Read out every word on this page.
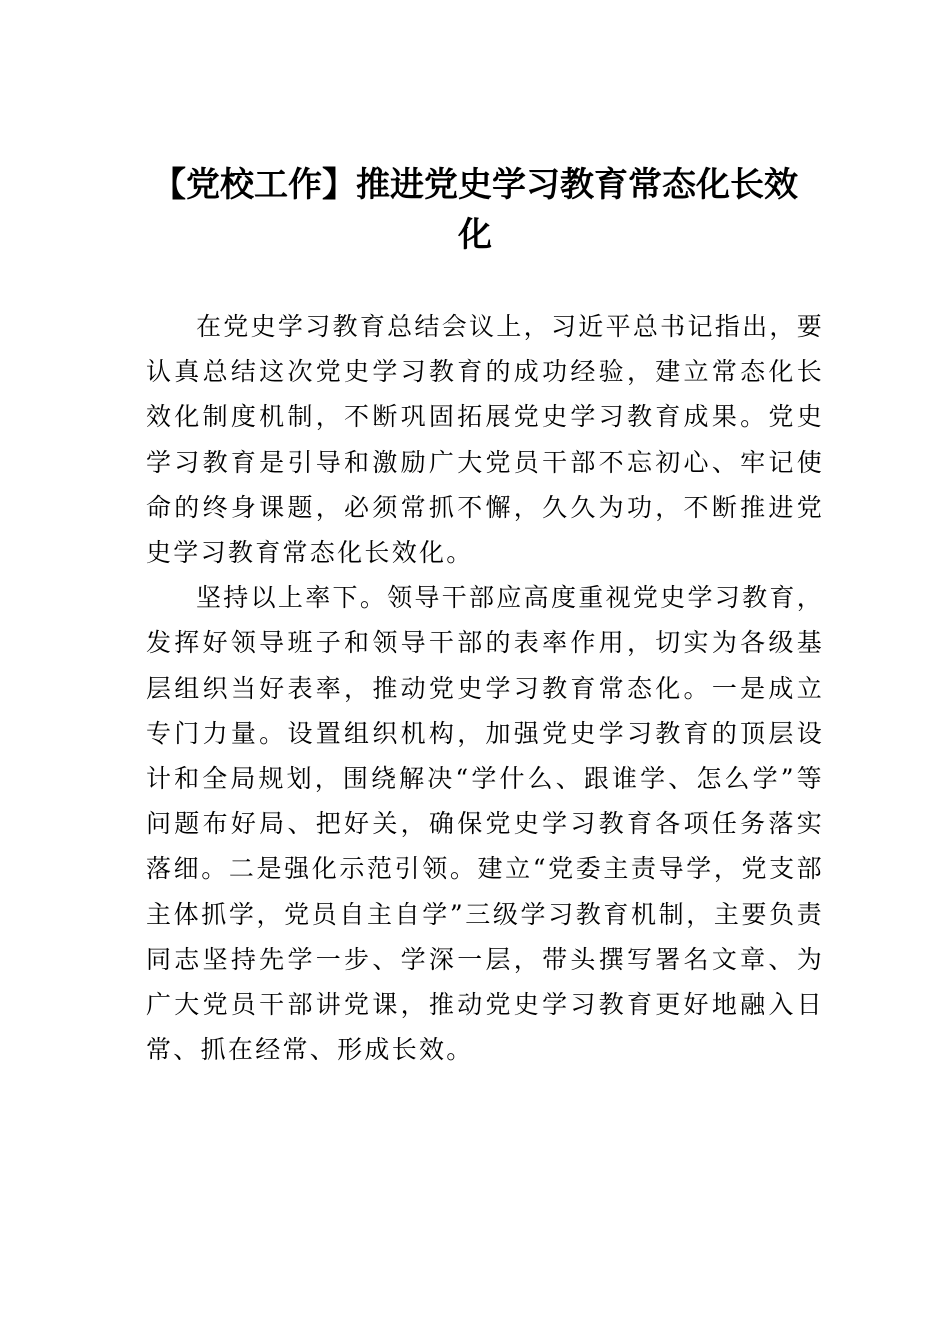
【党校工作】推进党史学习教育常态化长效化

在党史学习教育总结会议上，习近平总书记指出，要认真总结这次党史学习教育的成功经验，建立常态化长效化制度机制，不断巩固拓展党史学习教育成果。党史学习教育是引导和激励广大党员干部不忘初心、牢记使命的终身课题，必须常抓不懈，久久为功，不断推进党史学习教育常态化长效化。

坚持以上率下。领导干部应高度重视党史学习教育，发挥好领导班子和领导干部的表率作用，切实为各级基层组织当好表率，推动党史学习教育常态化。一是成立专门力量。设置组织机构，加强党史学习教育的顶层设计和全局规划，围绕解决“学什么、跟谁学、怎么学”等问题布好局、把好关，确保党史学习教育各项任务落实落细。二是强化示范引领。建立“党委主责导学，党支部主体抓学，党员自主自学”三级学习教育机制，主要负责同志坚持先学一步、学深一层，带头撰写署名文章、为广大党员干部讲党课，推动党史学习教育更好地融入日常、抓在经常、形成长效。
